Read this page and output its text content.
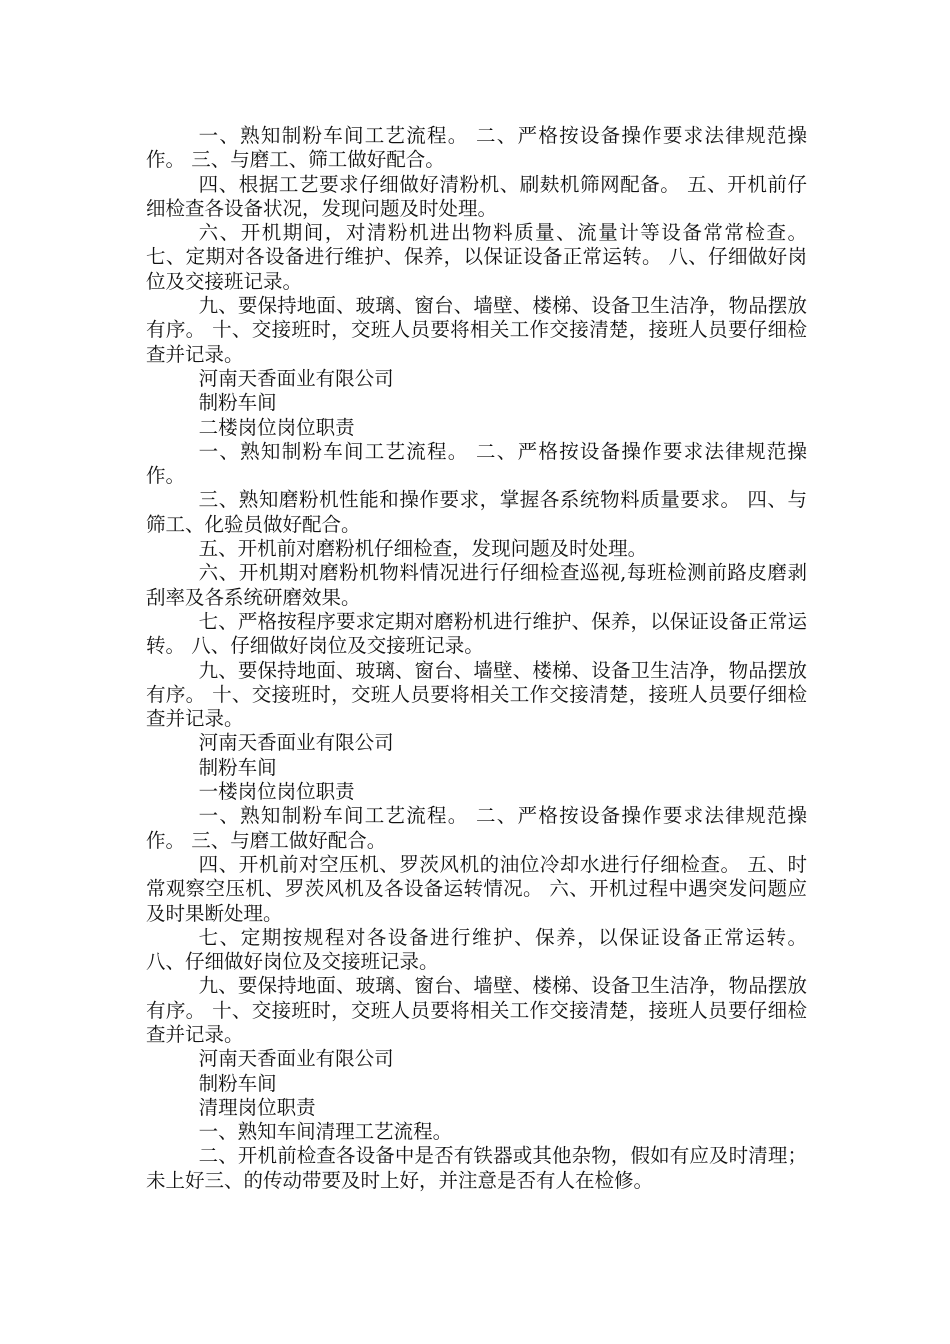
一、熟知制粉车间工艺流程。 二、严格按设备操作要求法律规范操作。 三、与磨工、筛工做好配合。

四、根据工艺要求仔细做好清粉机、刷麸机筛网配备。 五、开机前仔细检查各设备状况，发现问题及时处理。

六、开机期间，对清粉机进出物料质量、流量计等设备常常检查。 七、定期对各设备进行维护、保养，以保证设备正常运转。 八、仔细做好岗位及交接班记录。

九、要保持地面、玻璃、窗台、墙壁、楼梯、设备卫生洁净，物品摆放有序。 十、交接班时，交班人员要将相关工作交接清楚，接班人员要仔细检查并记录。

河南天香面业有限公司

制粉车间

二楼岗位岗位职责

一、熟知制粉车间工艺流程。 二、严格按设备操作要求法律规范操作。

三、熟知磨粉机性能和操作要求，掌握各系统物料质量要求。 四、与筛工、化验员做好配合。

五、开机前对磨粉机仔细检查，发现问题及时处理。

六、开机期对磨粉机物料情况进行仔细检查巡视,每班检测前路皮磨剥刮率及各系统研磨效果。

七、严格按程序要求定期对磨粉机进行维护、保养，以保证设备正常运转。 八、仔细做好岗位及交接班记录。

九、要保持地面、玻璃、窗台、墙壁、楼梯、设备卫生洁净，物品摆放有序。 十、交接班时，交班人员要将相关工作交接清楚，接班人员要仔细检查并记录。

河南天香面业有限公司

制粉车间

一楼岗位岗位职责

一、熟知制粉车间工艺流程。 二、严格按设备操作要求法律规范操作。 三、与磨工做好配合。

四、开机前对空压机、罗茨风机的油位冷却水进行仔细检查。 五、时常观察空压机、罗茨风机及各设备运转情况。 六、开机过程中遇突发问题应及时果断处理。

七、定期按规程对各设备进行维护、保养，以保证设备正常运转。 八、仔细做好岗位及交接班记录。

九、要保持地面、玻璃、窗台、墙壁、楼梯、设备卫生洁净，物品摆放有序。 十、交接班时，交班人员要将相关工作交接清楚，接班人员要仔细检查并记录。

河南天香面业有限公司

制粉车间

清理岗位职责

一、熟知车间清理工艺流程。

二、开机前检查各设备中是否有铁器或其他杂物，假如有应及时清理；未上好三、的传动带要及时上好，并注意是否有人在检修。
